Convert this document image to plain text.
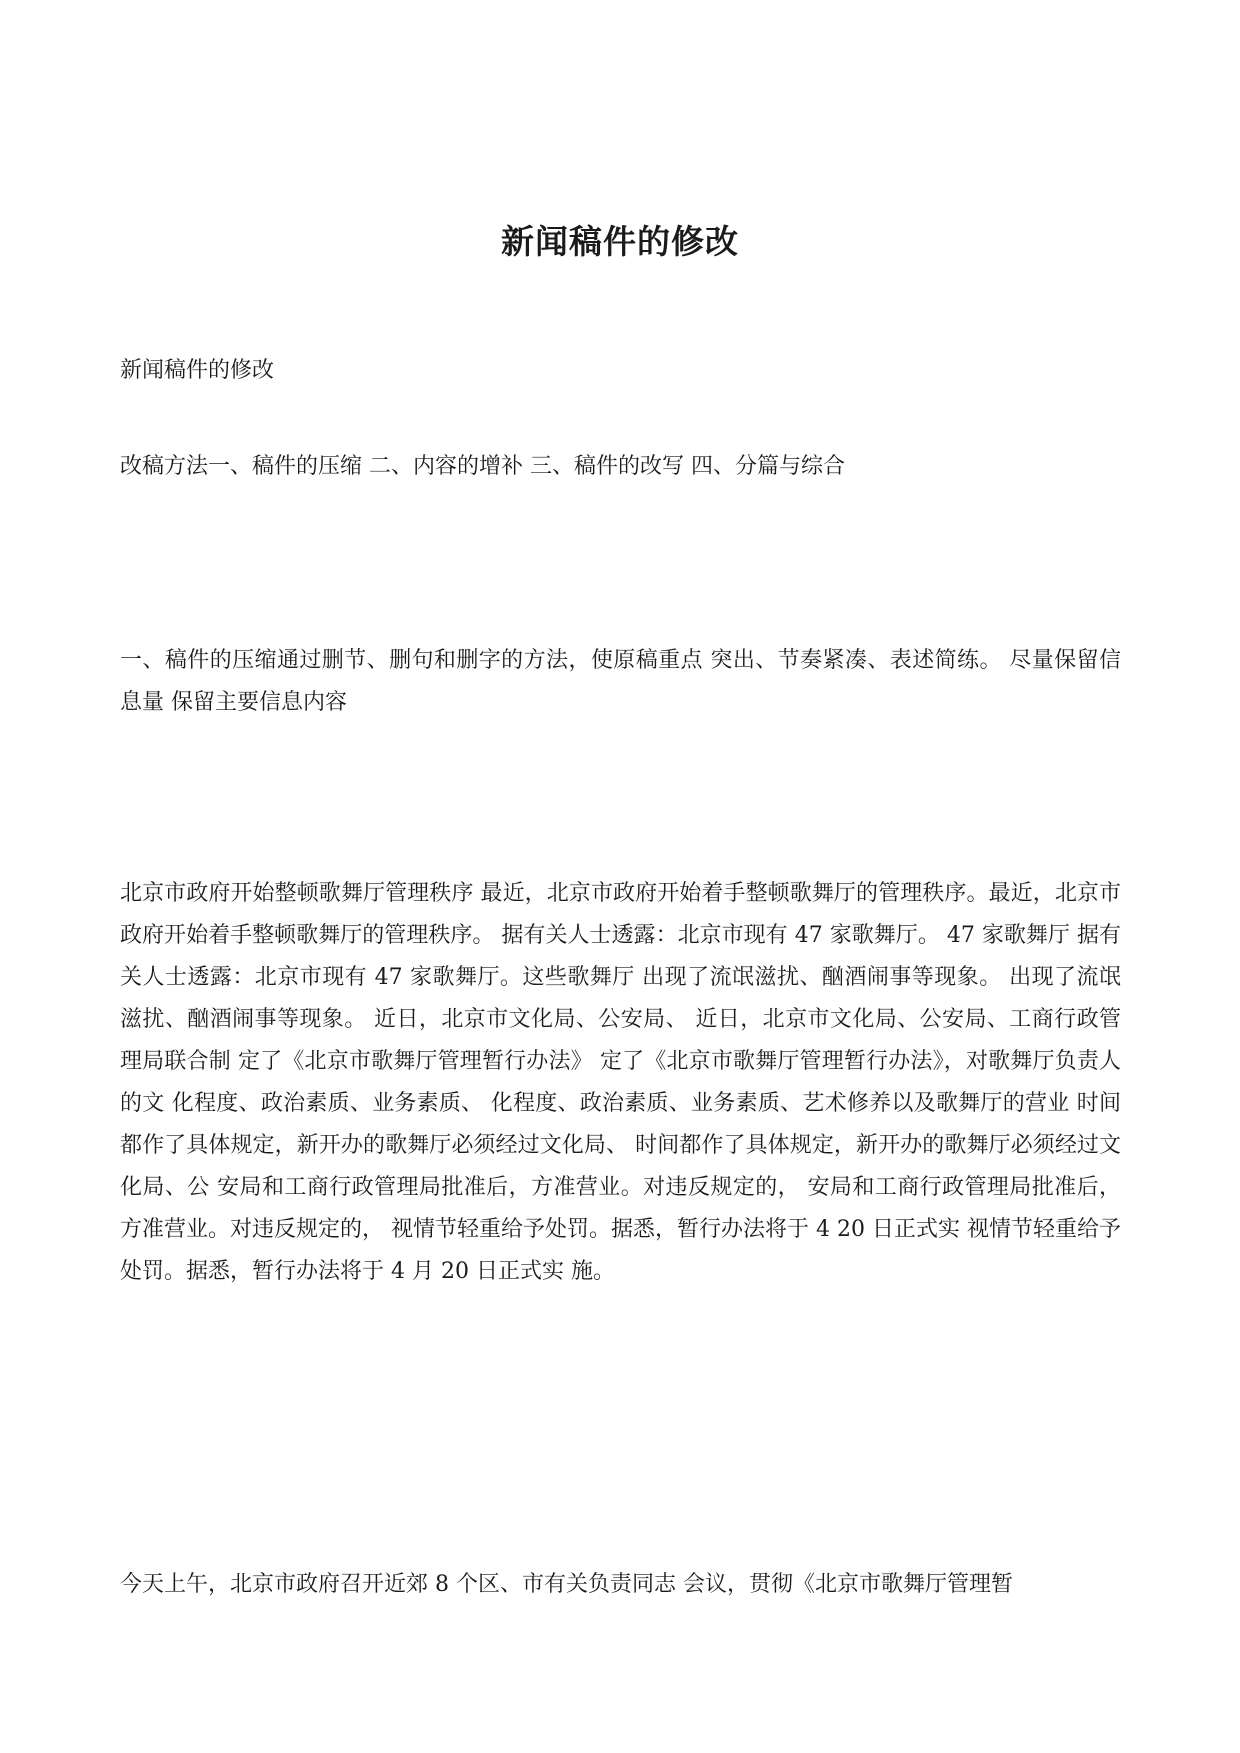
新闻稿件的修改

新闻稿件的修改

改稿方法一、稿件的压缩 二、内容的增补 三、稿件的改写 四、分篇与综合

一、稿件的压缩通过删节、删句和删字的方法，使原稿重点 突出、节奏紧凑、表述简练。 尽量保留信息量 保留主要信息内容

北京市政府开始整顿歌舞厅管理秩序 最近，北京市政府开始着手整顿歌舞厅的管理秩序。最近，北京市政府开始着手整顿歌舞厅的管理秩序。 据有关人士透露：北京市现有 47 家歌舞厅。 47 家歌舞厅 据有关人士透露：北京市现有 47 家歌舞厅。这些歌舞厅 出现了流氓滋扰、酗酒闹事等现象。 出现了流氓滋扰、酗酒闹事等现象。 近日，北京市文化局、公安局、 近日，北京市文化局、公安局、工商行政管理局联合制 定了《北京市歌舞厅管理暂行办法》 定了《北京市歌舞厅管理暂行办法》，对歌舞厅负责人的文 化程度、政治素质、业务素质、 化程度、政治素质、业务素质、艺术修养以及歌舞厅的营业 时间都作了具体规定，新开办的歌舞厅必须经过文化局、 时间都作了具体规定，新开办的歌舞厅必须经过文化局、公 安局和工商行政管理局批准后，方准营业。对违反规定的， 安局和工商行政管理局批准后，方准营业。对违反规定的， 视情节轻重给予处罚。据悉，暂行办法将于 4 20 日正式实 视情节轻重给予处罚。据悉，暂行办法将于 4 月 20 日正式实 施。

今天上午，北京市政府召开近郊 8 个区、市有关负责同志 会议，贯彻《北京市歌舞厅管理暂
